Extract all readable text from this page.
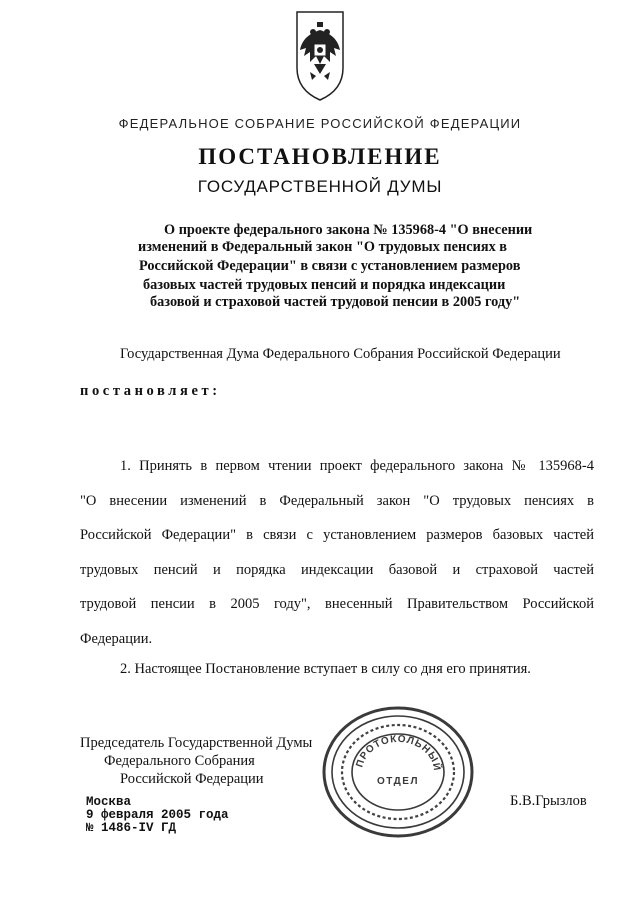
ФЕДЕРАЛЬНОЕ СОБРАНИЕ РОССИЙСКОЙ ФЕДЕРАЦИИ
ПОСТАНОВЛЕНИЕ
ГОСУДАРСТВЕННОЙ ДУМЫ
О проекте федерального закона № 135968-4 "О внесении
изменений в Федеральный закон "О трудовых пенсиях в
Российской Федерации" в связи с установлением размеров
базовых частей трудовых пенсий и порядка индексации
базовой и страховой частей трудовой пенсии в 2005 году"
Государственная Дума Федерального Собрания Российской Федерации
постановляет:
1. Принять в первом чтении проект федерального закона № 135968-4
"О внесении изменений в Федеральный закон "О трудовых пенсиях в
Российской Федерации" в связи с установлением размеров базовых частей
трудовых пенсий и порядка индексации базовой и страховой частей
трудовой пенсии в 2005 году", внесенный Правительством Российской
Федерации.
2. Настоящее Постановление вступает в силу со дня его принятия.
Председатель Государственной Думы
Федерального Собрания
Российской Федерации
Б.В.Грызлов
ПРОТОКОЛЬНЫЙ
ОТДЕЛ
Москва
9 февраля 2005 года
№ 1486-IV ГД
